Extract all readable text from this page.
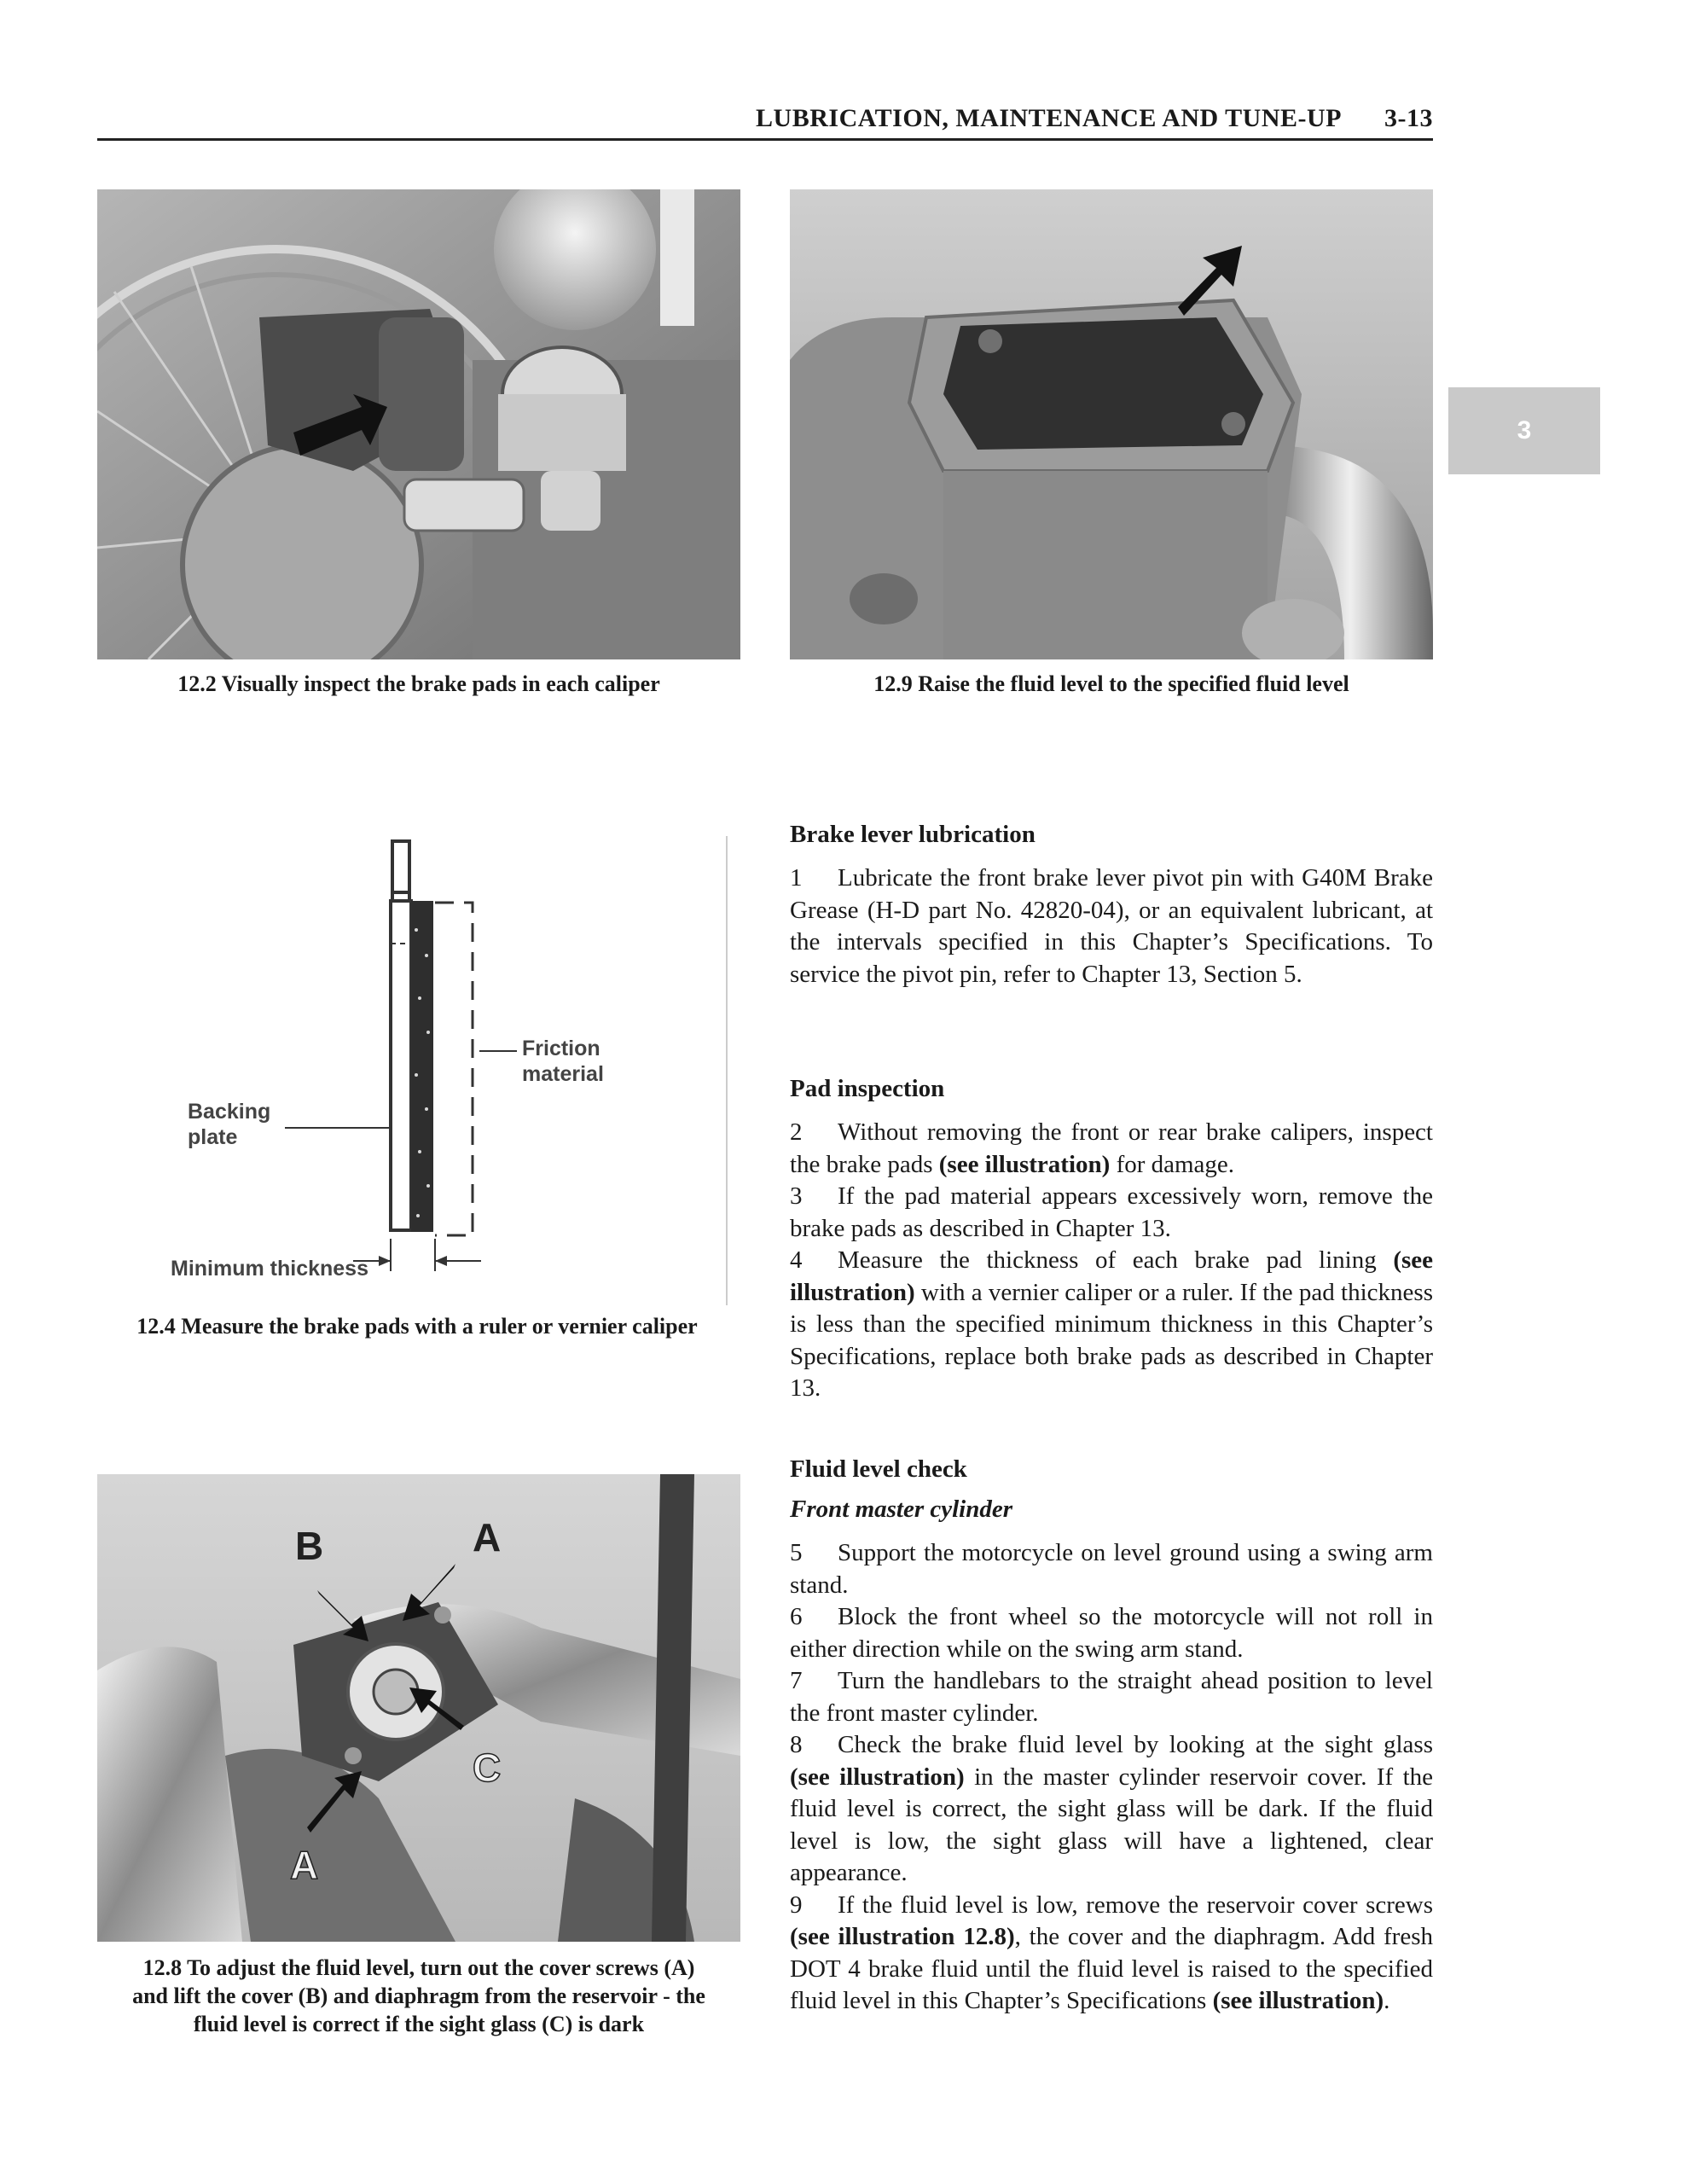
LUBRICATION, MAINTENANCE AND TUNE-UP 3-13
3
12.2 Visually inspect the brake pads in each caliper	12.9 Raise the fluid level to the specified fluid level
Friction
material
Backing
plate
Minimum thickness
12.4 Measure the brake pads with a ruler or vernier caliper
B	A
C
A
12.8 To adjust the fluid level, turn out the cover screws (A)
and lift the cover (B) and diaphragm from the reservoir - the
fluid level is correct if the sight glass (C) is dark
Brake lever lubrication

1 Lubricate the front brake lever pivot pin with G40M Brake Grease (H-D part No. 42820-04), or an equivalent lubricant, at the intervals specified in this Chapter’s Specifications. To service the pivot pin, refer to Chapter 13, Section 5.

Pad inspection

2 Without removing the front or rear brake calipers, inspect the brake pads (see illustration) for damage.

3 If the pad material appears excessively worn, remove the brake pads as described in Chapter 13.

4 Measure the thickness of each brake pad lining (see illustration) with a vernier caliper or a ruler. If the pad thickness is less than the specified minimum thickness in this Chapter’s Specifications, replace both brake pads as described in Chapter 13.

Fluid level check
Front master cylinder

5 Support the motorcycle on level ground using a swing arm stand.

6 Block the front wheel so the motorcycle will not roll in either direction while on the swing arm stand.

7 Turn the handlebars to the straight ahead position to level the front master cylinder.

8 Check the brake fluid level by looking at the sight glass (see illustration) in the master cylinder reservoir cover. If the fluid level is correct, the sight glass will be dark. If the fluid level is low, the sight glass will have a lightened, clear appearance.

9 If the fluid level is low, remove the reservoir cover screws (see illustration 12.8), the cover and the diaphragm. Add fresh DOT 4 brake fluid until the fluid level is raised to the specified fluid level in this Chapter’s Specifications (see illustration).
